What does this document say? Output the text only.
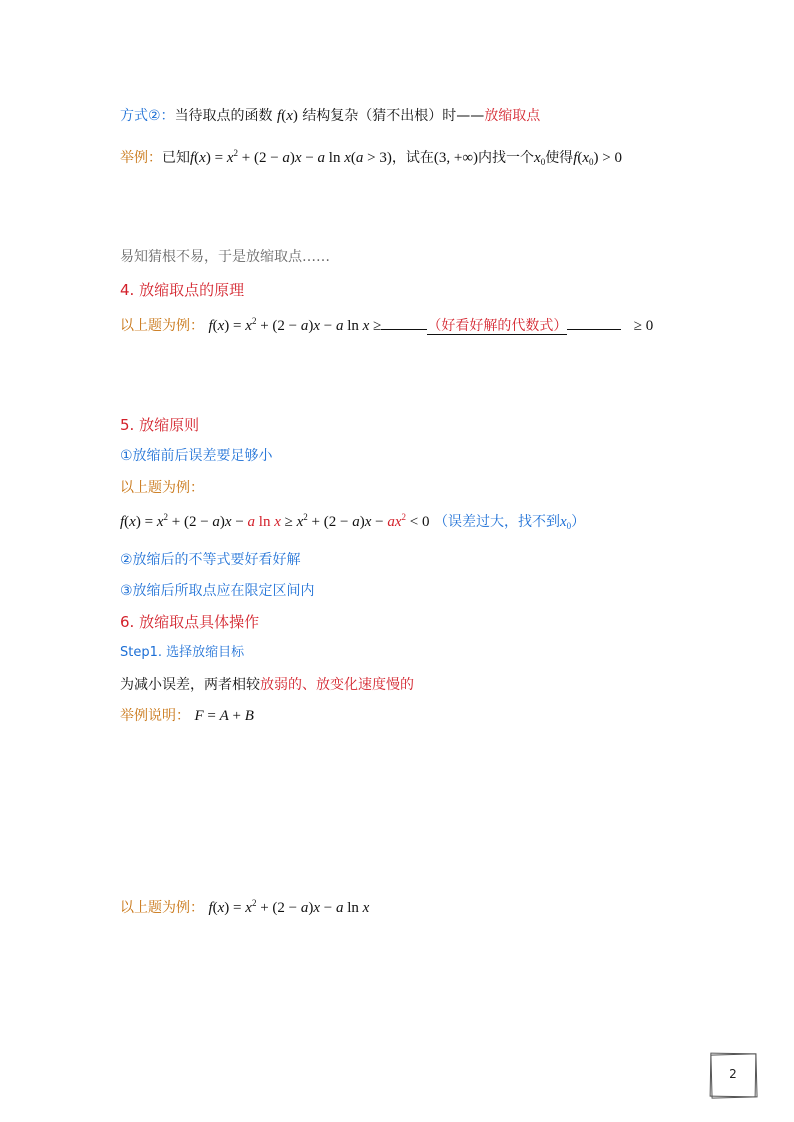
方式②：当待取点的函数 f(x) 结构复杂（猜不出根）时——放缩取点
举例：已知$f(x) = x^2 + (2 - a)x - a$ ln x(a > 3)，试在(3, +∞)内找一个$x_0$使得$f(x_0) > 0$
易知猜根不易，于是放缩取点……
4. 放缩取点的原理
以上题为例： $f(x) = x^2 + (2 - a)x - a$ ln x ≥	（好看好解的代数式）	≥ 0
5. 放缩原则
①放缩前后误差要足够小
以上题为例：
$f(x) = x^2 + (2 - a)x - a$ $\ln x \ge x^2 + (2 - a)x - ax^2 < 0$ （误差过大，找不到$x_0$）
②放缩后的不等式要好看好解
③放缩后所取点应在限定区间内
6. 放缩取点具体操作
Step1. 选择放缩目标
为减小误差，两者相较放弱的、放变化速度慢的
举例说明： F = A + B
以上题为例： $f(x) = x^2 + (2 - a)x - a$ ln x
2
